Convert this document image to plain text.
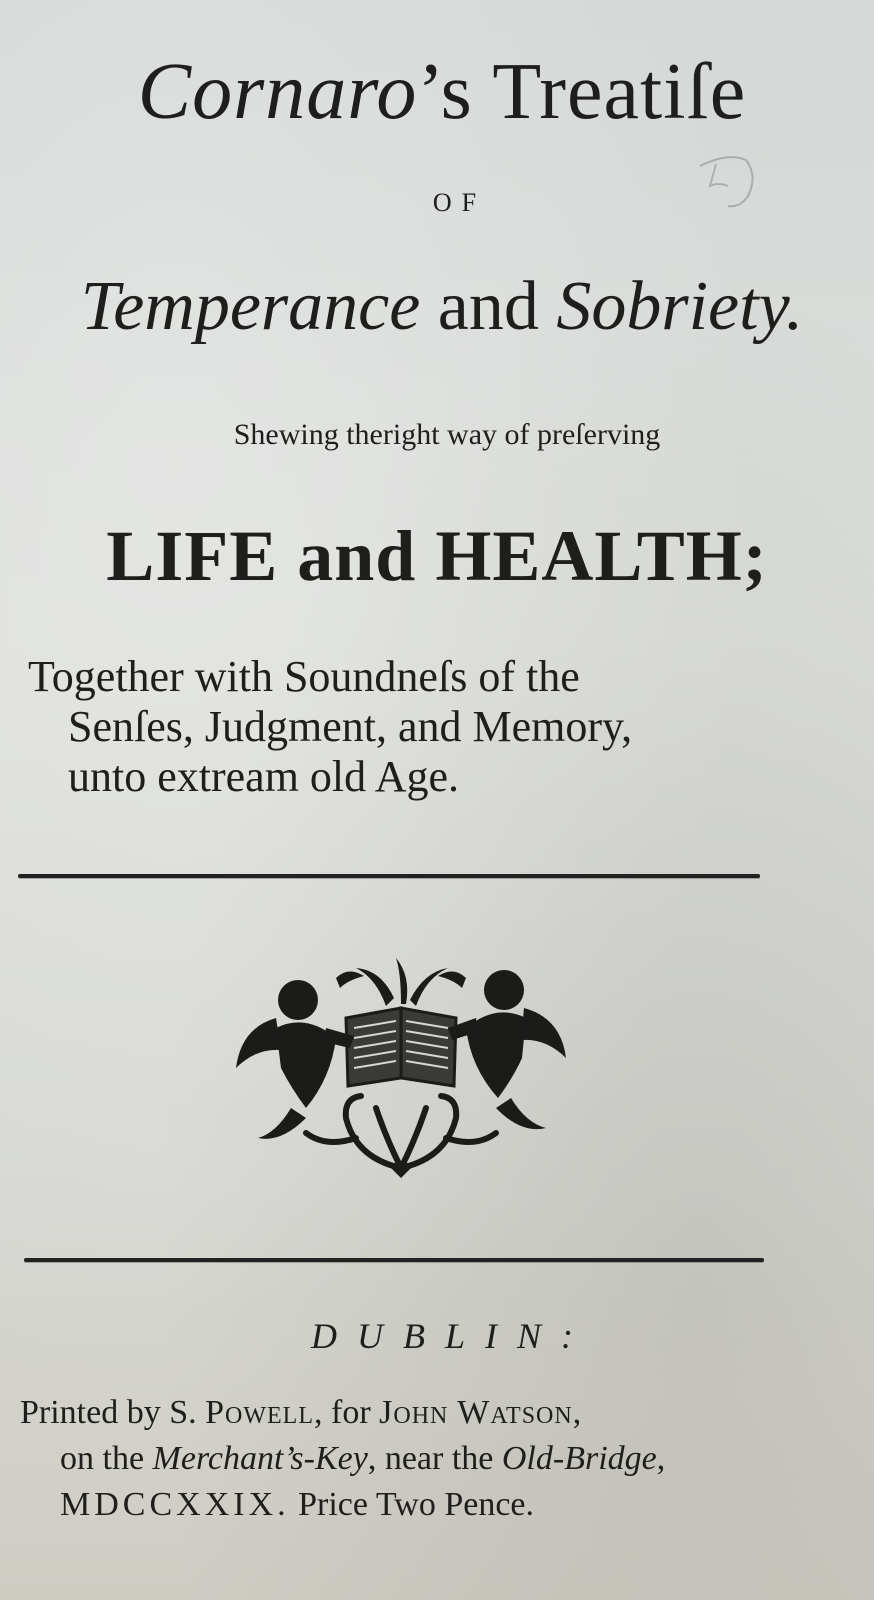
Cornaro’s Treatiſe
OF
Temperance and Sobriety.
Shewing theright way of preſerving
LIFE and HEALTH;
Together with Soundneſs of the
Senſes, Judgment, and Memory,
unto extream old Age.
DUBLIN:
Printed by S. Powell, for John Watson,
on the Merchant’s-Key, near the Old-Bridge,
MDCCXXIX. Price Two Pence.
